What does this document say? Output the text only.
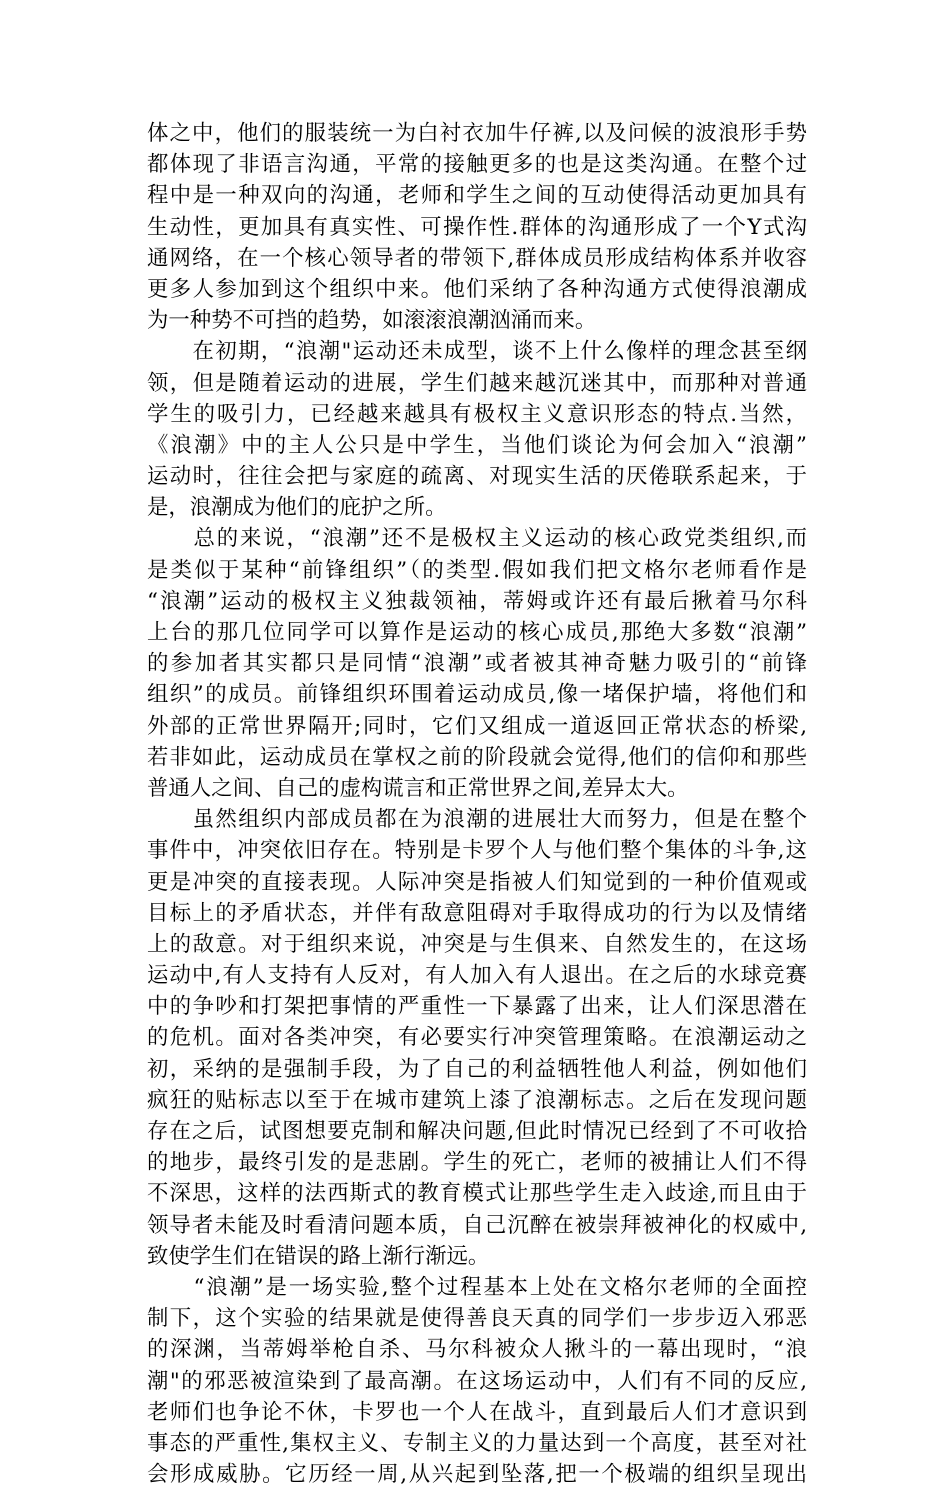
体之中，他们的服装统一为白衬衣加牛仔裤,以及问候的波浪形手势
都体现了非语言沟通，平常的接触更多的也是这类沟通。在整个过
程中是一种双向的沟通，老师和学生之间的互动使得活动更加具有
生动性，更加具有真实性、可操作性.群体的沟通形成了一个Y式沟
通网络，在一个核心领导者的带领下,群体成员形成结构体系并收容
更多人参加到这个组织中来。他们采纳了各种沟通方式使得浪潮成
为一种势不可挡的趋势，如滚滚浪潮汹涌而来。
　　在初期，“浪潮"运动还未成型，谈不上什么像样的理念甚至纲
领，但是随着运动的进展，学生们越来越沉迷其中，而那种对普通
学生的吸引力，已经越来越具有极权主义意识形态的特点.当然，
《浪潮》中的主人公只是中学生，当他们谈论为何会加入“浪潮”
运动时，往往会把与家庭的疏离、对现实生活的厌倦联系起来，于
是，浪潮成为他们的庇护之所。
　　总的来说，“浪潮”还不是极权主义运动的核心政党类组织,而
是类似于某种“前锋组织”（的类型.假如我们把文格尔老师看作是
“浪潮”运动的极权主义独裁领袖，蒂姆或许还有最后揪着马尔科
上台的那几位同学可以算作是运动的核心成员,那绝大多数“浪潮”
的参加者其实都只是同情“浪潮”或者被其神奇魅力吸引的“前锋
组织”的成员。前锋组织环围着运动成员,像一堵保护墙，将他们和
外部的正常世界隔开;同时，它们又组成一道返回正常状态的桥梁,
若非如此，运动成员在掌权之前的阶段就会觉得,他们的信仰和那些
普通人之间、自己的虚构谎言和正常世界之间,差异太大。
　　虽然组织内部成员都在为浪潮的进展壮大而努力，但是在整个
事件中，冲突依旧存在。特别是卡罗个人与他们整个集体的斗争,这
更是冲突的直接表现。人际冲突是指被人们知觉到的一种价值观或
目标上的矛盾状态，并伴有敌意阻碍对手取得成功的行为以及情绪
上的敌意。对于组织来说，冲突是与生俱来、自然发生的，在这场
运动中,有人支持有人反对，有人加入有人退出。在之后的水球竞赛
中的争吵和打架把事情的严重性一下暴露了出来，让人们深思潜在
的危机。面对各类冲突，有必要实行冲突管理策略。在浪潮运动之
初，采纳的是强制手段，为了自己的利益牺牲他人利益，例如他们
疯狂的贴标志以至于在城市建筑上漆了浪潮标志。之后在发现问题
存在之后，试图想要克制和解决问题,但此时情况已经到了不可收拾
的地步，最终引发的是悲剧。学生的死亡，老师的被捕让人们不得
不深思，这样的法西斯式的教育模式让那些学生走入歧途,而且由于
领导者未能及时看清问题本质，自己沉醉在被崇拜被神化的权威中,
致使学生们在错误的路上渐行渐远。
　　“浪潮”是一场实验,整个过程基本上处在文格尔老师的全面控
制下，这个实验的结果就是使得善良天真的同学们一步步迈入邪恶
的深渊，当蒂姆举枪自杀、马尔科被众人揪斗的一幕出现时，“浪
潮"的邪恶被渲染到了最高潮。在这场运动中，人们有不同的反应,
老师们也争论不休，卡罗也一个人在战斗，直到最后人们才意识到
事态的严重性,集权主义、专制主义的力量达到一个高度，甚至对社
会形成威胁。它历经一周,从兴起到坠落,把一个极端的组织呈现出
